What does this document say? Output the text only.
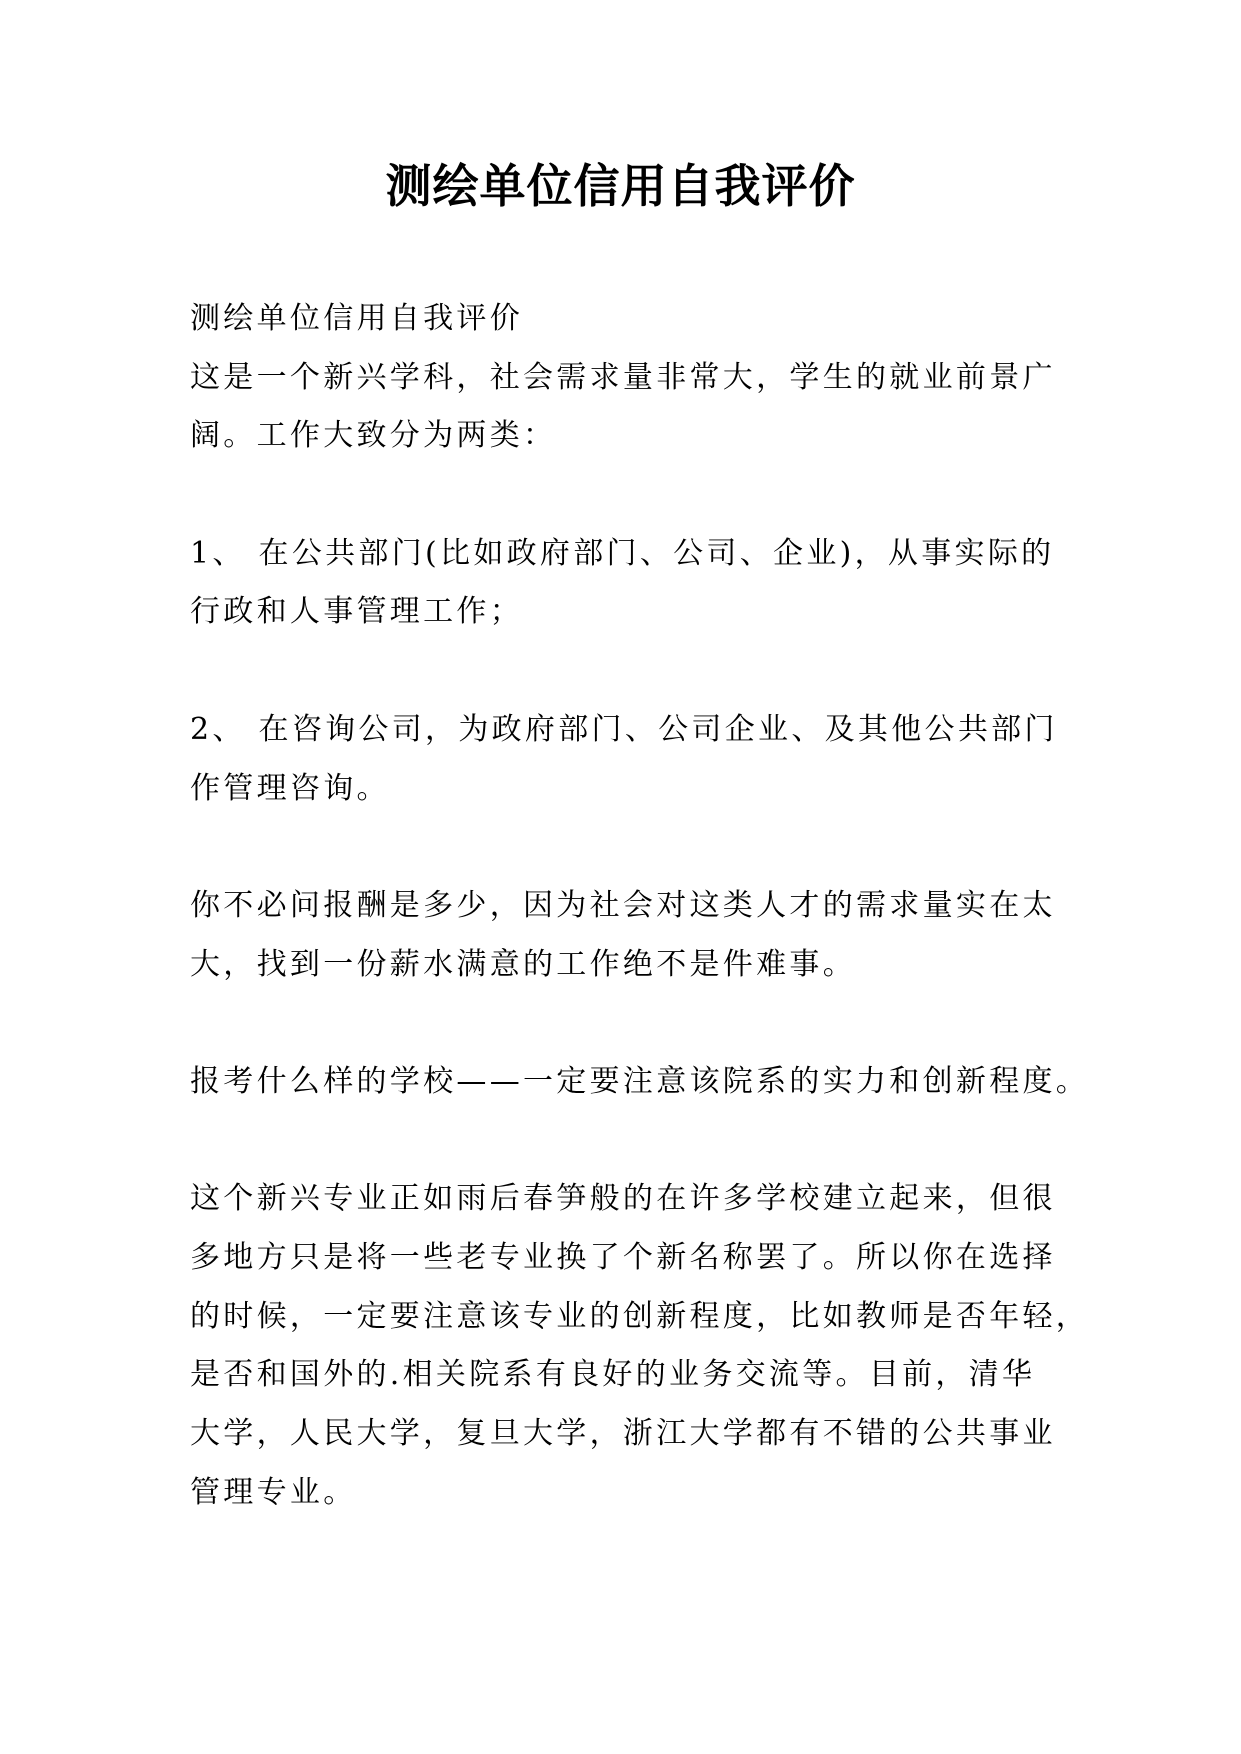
测绘单位信用自我评价
测绘单位信用自我评价
这是一个新兴学科，社会需求量非常大，学生的就业前景广
阔。工作大致分为两类：
1、 在公共部门(比如政府部门、公司、企业)，从事实际的
行政和人事管理工作；
2、 在咨询公司，为政府部门、公司企业、及其他公共部门
作管理咨询。
你不必问报酬是多少，因为社会对这类人才的需求量实在太
大，找到一份薪水满意的工作绝不是件难事。
报考什么样的学校——一定要注意该院系的实力和创新程度。
这个新兴专业正如雨后春笋般的在许多学校建立起来，但很
多地方只是将一些老专业换了个新名称罢了。所以你在选择
的时候，一定要注意该专业的创新程度，比如教师是否年轻，
是否和国外的.相关院系有良好的业务交流等。目前，清华
大学，人民大学，复旦大学，浙江大学都有不错的公共事业
管理专业。
